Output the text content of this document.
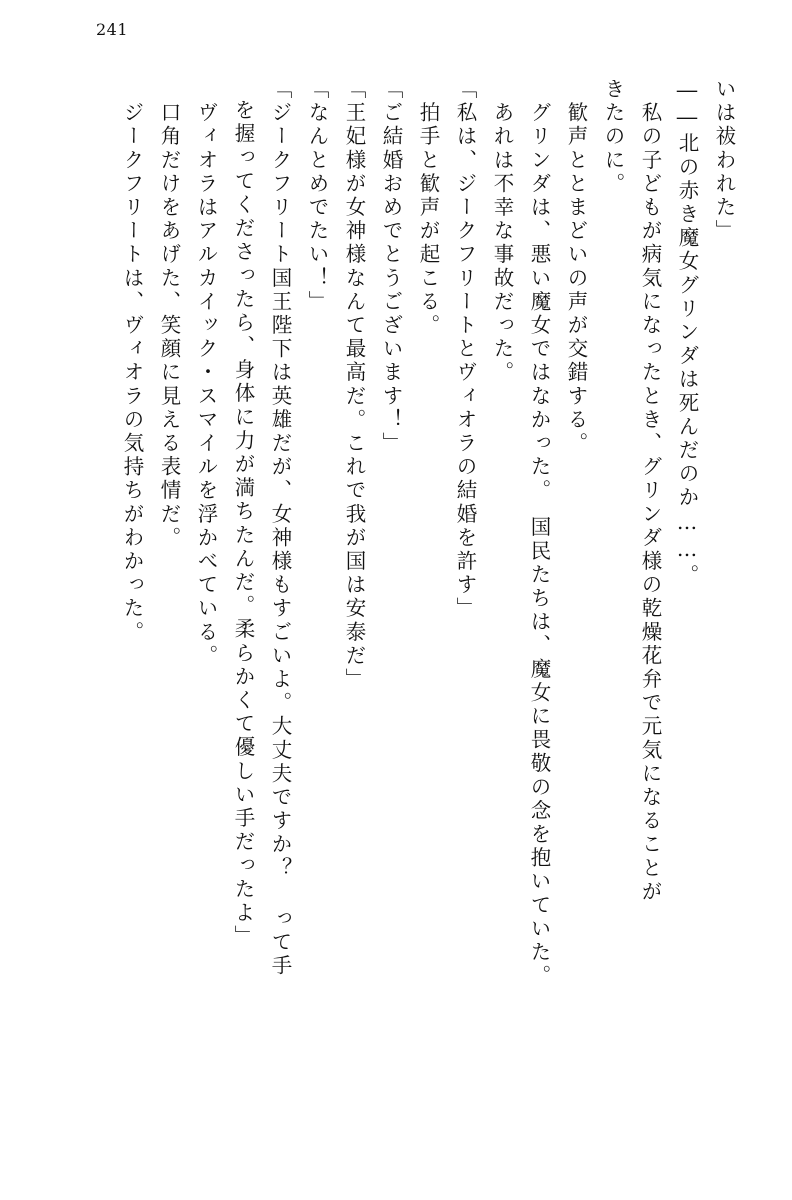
241
いは祓われた」
――北の赤き魔女グリンダは死んだのか……。
　私の子どもが病気になったとき、グリンダ様の乾燥花弁で元気になることが
きたのに。
　歓声ととまどいの声が交錯する。
　グリンダは、悪い魔女ではなかった。　国民たちは、魔女に畏敬の念を抱いていた。
　あれは不幸な事故だった。
「私は、ジークフリートとヴィオラの結婚を許す」
　拍手と歓声が起こる。
「ご結婚おめでとうございます！」
「王妃様が女神様なんて最高だ。これで我が国は安泰だ」
「なんとめでたい！」
「ジークフリート国王陛下は英雄だが、女神様もすごいよ。大丈夫ですか？ って手
を握ってくださったら、身体に力が満ちたんだ。柔らかくて優しい手だったよ」
　ヴィオラはアルカイック・スマイルを浮かべている。
　口角だけをあげた、笑顔に見える表情だ。
　ジークフリートは、ヴィオラの気持ちがわかった。
